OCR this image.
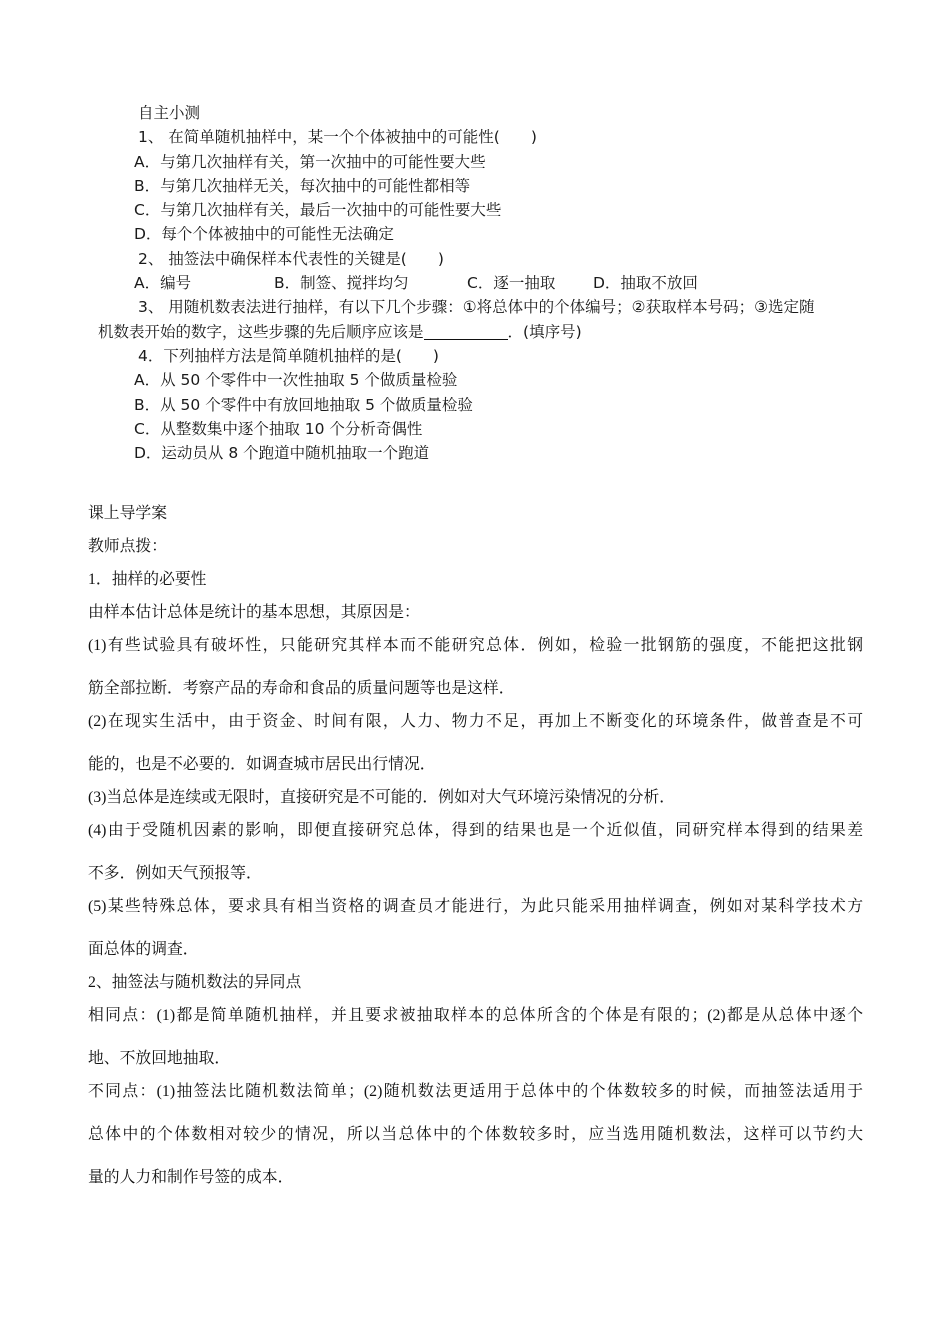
自主小测
1、 在简单随机抽样中，某一个个体被抽中的可能性(　　)
A．与第几次抽样有关，第一次抽中的可能性要大些
B．与第几次抽样无关，每次抽中的可能性都相等
C．与第几次抽样有关，最后一次抽中的可能性要大些
D．每个个体被抽中的可能性无法确定
2、 抽签法中确保样本代表性的关键是(　　)
A．编号	B．制签、搅拌均匀	C．逐一抽取 D．抽取不放回
3、 用随机数表法进行抽样，有以下几个步骤：①将总体中的个体编号；②获取样本号码；③选定随
机数表开始的数字，这些步骤的先后顺序应该是	．(填序号)
4．下列抽样方法是简单随机抽样的是(　　)
A．从 50 个零件中一次性抽取 5 个做质量检验
B．从 50 个零件中有放回地抽取 5 个做质量检验
C．从整数集中逐个抽取 10 个分析奇偶性
D．运动员从 8 个跑道中随机抽取一个跑道
课上导学案
教师点拨：
1．抽样的必要性
由样本估计总体是统计的基本思想，其原因是：
(1)有些试验具有破坏性，只能研究其样本而不能研究总体．例如，检验一批钢筋的强度，不能把这批钢
筋全部拉断．考察产品的寿命和食品的质量问题等也是这样．
(2)在现实生活中，由于资金、时间有限，人力、物力不足，再加上不断变化的环境条件，做普查是不可
能的，也是不必要的．如调查城市居民出行情况．
(3)当总体是连续或无限时，直接研究是不可能的．例如对大气环境污染情况的分析．
(4)由于受随机因素的影响，即便直接研究总体，得到的结果也是一个近似值，同研究样本得到的结果差
不多．例如天气预报等．
(5)某些特殊总体，要求具有相当资格的调查员才能进行，为此只能采用抽样调查，例如对某科学技术方
面总体的调查．
2、抽签法与随机数法的异同点
相同点：(1)都是简单随机抽样，并且要求被抽取样本的总体所含的个体是有限的；(2)都是从总体中逐个
地、不放回地抽取．
不同点：(1)抽签法比随机数法简单；(2)随机数法更适用于总体中的个体数较多的时候，而抽签法适用于
总体中的个体数相对较少的情况，所以当总体中的个体数较多时，应当选用随机数法，这样可以节约大
量的人力和制作号签的成本．
